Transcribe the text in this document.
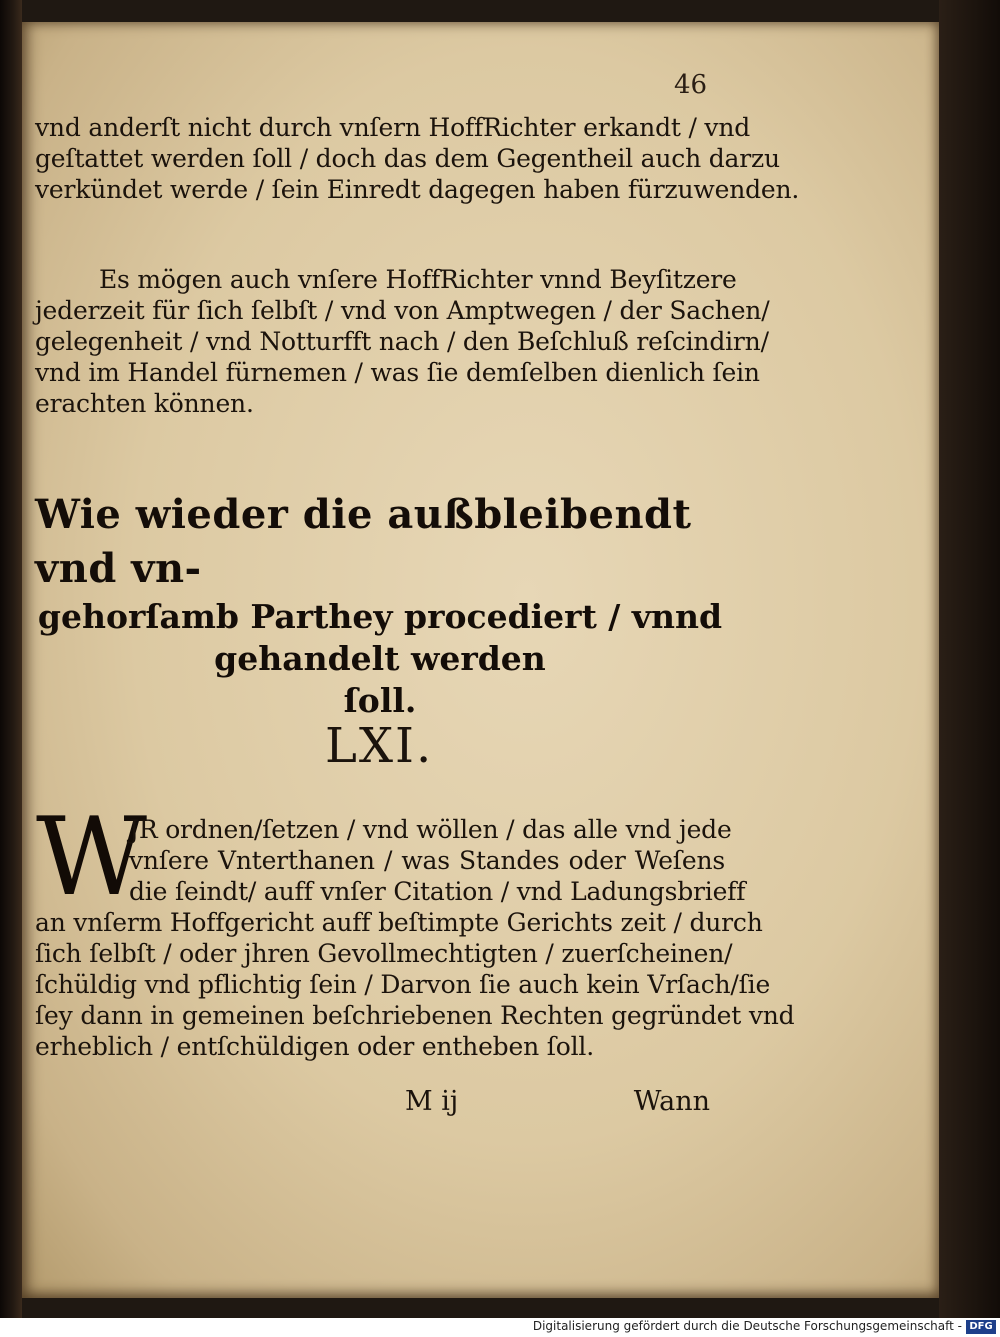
46
vnd anderſt nicht durch vnſern HoffRichter erkandt / vnd
geſtattet werden ſoll / doch das dem Gegentheil auch darzu
verkündet werde / ſein Einredt dagegen haben fürzuwenden.
Es mögen auch vnſere HoffRichter vnnd Beyſitzere
jederzeit für ſich ſelbſt / vnd von Amptwegen / der Sachen/
gelegenheit / vnd Notturfft nach / den Beſchluß reſcindirn/
vnd im Handel fürnemen / was ſie demſelben dienlich ſein
erachten können.
Wie wieder die außbleibendt vnd vn-
gehorſamb Parthey procediert / vnnd
gehandelt werden
ſoll.
LXI.
W
JR ordnen/ſetzen / vnd wöllen / das alle vnd jede
vnſere Vnterthanen / was Standes oder Weſens
die ſeindt/ auff vnſer Citation / vnd Ladungsbrieff
an vnſerm Hoffgericht auff beſtimpte Gerichts zeit / durch
ſich ſelbſt / oder jhren Gevollmechtigten / zuerſcheinen/
ſchüldig vnd pflichtig ſein / Darvon ſie auch kein Vrſach/ſie
ſey dann in gemeinen beſchriebenen Rechten gegründet vnd
erheblich / entſchüldigen oder entheben ſoll.
M ij	Wann
Digitalisierung gefördert durch die Deutsche Forschungsgemeinschaft - DFG
